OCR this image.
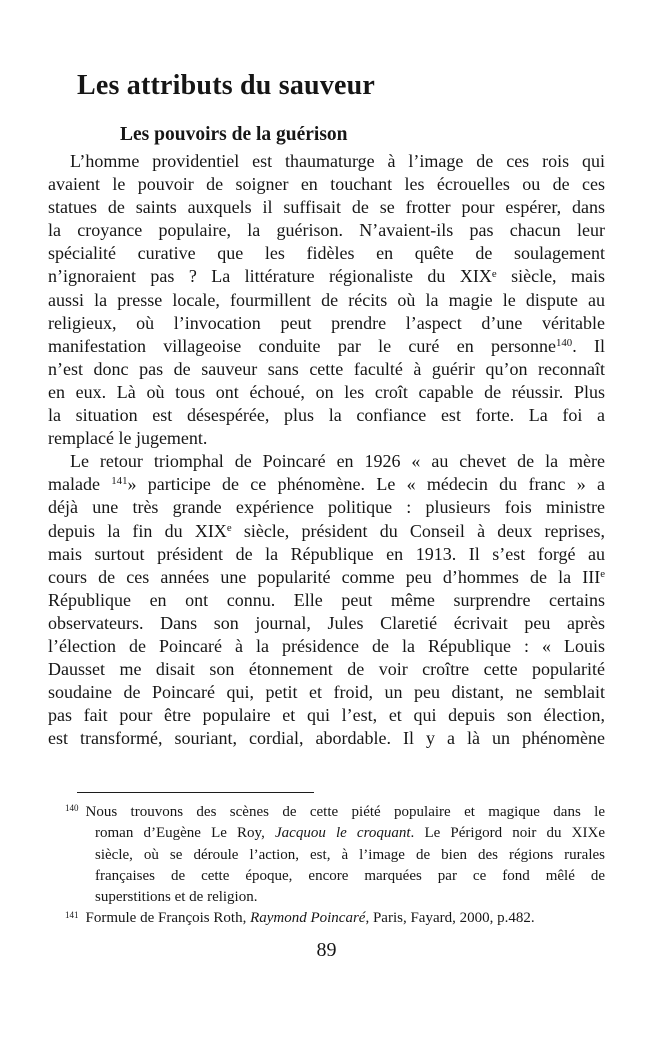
Les attributs du sauveur
Les pouvoirs de la guérison
L’homme providentiel est thaumaturge à l’image de ces rois qui
avaient le pouvoir de soigner en touchant les écrouelles ou de ces
statues de saints auxquels il suffisait de se frotter pour espérer, dans
la croyance populaire, la guérison. N’avaient-ils pas chacun leur
spécialité curative que les fidèles en quête de soulagement
n’ignoraient pas ? La littérature régionaliste du XIXe siècle, mais
aussi la presse locale, fourmillent de récits où la magie le dispute au
religieux, où l’invocation peut prendre l’aspect d’une véritable
manifestation villageoise conduite par le curé en personne$^{140}$. Il
n’est donc pas de sauveur sans cette faculté à guérir qu’on reconnaît
en eux. Là où tous ont échoué, on les croît capable de réussir. Plus
la situation est désespérée, plus la confiance est forte. La foi a
remplacé le jugement.
Le retour triomphal de Poincaré en 1926 « au chevet de la mère
malade $^{141}$» participe de ce phénomène. Le « médecin du franc » a
déjà une très grande expérience politique : plusieurs fois ministre
depuis la fin du XIXe siècle, président du Conseil à deux reprises,
mais surtout président de la République en 1913. Il s’est forgé au
cours de ces années une popularité comme peu d’hommes de la IIIe
République en ont connu. Elle peut même surprendre certains
observateurs. Dans son journal, Jules Claretié écrivait peu après
l’élection de Poincaré à la présidence de la République : « Louis
Dausset me disait son étonnement de voir croître cette popularité
soudaine de Poincaré qui, petit et froid, un peu distant, ne semblait
pas fait pour être populaire et qui l’est, et qui depuis son élection,
est transformé, souriant, cordial, abordable. Il y a là un phénomène
$^{140}$ Nous trouvons des scènes de cette piété populaire et magique dans le
roman d’Eugène Le Roy, Jacquou le croquant. Le Périgord noir du XIXe
siècle, où se déroule l’action, est, à l’image de bien des régions rurales
françaises de cette époque, encore marquées par ce fond mêlé de
superstitions et de religion.
$^{141}$ Formule de François Roth, Raymond Poincaré, Paris, Fayard, 2000, p.482.
89
